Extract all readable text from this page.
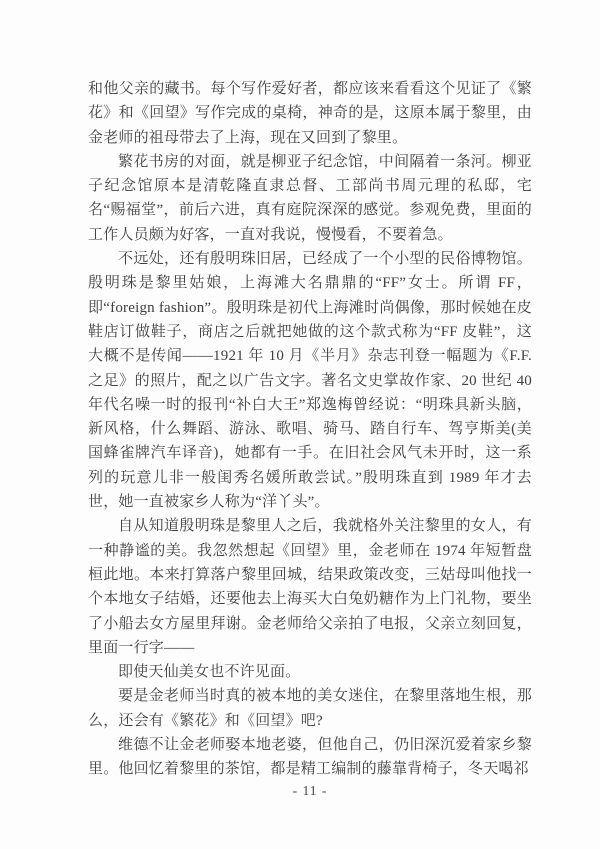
和他父亲的藏书。每个写作爱好者，都应该来看看这个见证了《繁花》和《回望》写作完成的桌椅，神奇的是，这原本属于黎里，由金老师的祖母带去了上海，现在又回到了黎里。

繁花书房的对面，就是柳亚子纪念馆，中间隔着一条河。柳亚子纪念馆原本是清乾隆直隶总督、工部尚书周元理的私邸，宅名“赐福堂”，前后六进，真有庭院深深的感觉。参观免费，里面的工作人员颇为好客，一直对我说，慢慢看，不要着急。

不远处，还有殷明珠旧居，已经成了一个小型的民俗博物馆。殷明珠是黎里姑娘，上海滩大名鼎鼎的“FF”女士。所谓 FF，即“foreign fashion”。殷明珠是初代上海滩时尚偶像，那时候她在皮鞋店订做鞋子，商店之后就把她做的这个款式称为“FF 皮鞋”，这大概不是传闻——1921 年 10 月《半月》杂志刊登一幅题为《F.F.之足》的照片，配之以广告文字。著名文史掌故作家、20 世纪 40 年代名噪一时的报刊“补白大王”郑逸梅曾经说：“明珠具新头脑，新风格，什么舞蹈、游泳、歌唱、骑马、踏自行车、驾亨斯美(美国蜂雀牌汽车译音)，她都有一手。在旧社会风气未开时，这一系列的玩意儿非一般闺秀名媛所敢尝试。”殷明珠直到 1989 年才去世，她一直被家乡人称为“洋丫头”。

自从知道殷明珠是黎里人之后，我就格外关注黎里的女人，有一种静谧的美。我忽然想起《回望》里，金老师在 1974 年短暂盘桓此地。本来打算落户黎里回城，结果政策改变，三姑母叫他找一个本地女子结婚，还要他去上海买大白兔奶糖作为上门礼物，要坐了小船去女方屋里拜谢。金老师给父亲拍了电报，父亲立刻回复，里面一行字——

即使天仙美女也不许见面。

要是金老师当时真的被本地的美女迷住，在黎里落地生根，那么，还会有《繁花》和《回望》吧?

维德不让金老师娶本地老婆，但他自己，仍旧深沉爱着家乡黎里。他回忆着黎里的茶馆，都是精工编制的藤靠背椅子，冬天喝祁

- 11 -
